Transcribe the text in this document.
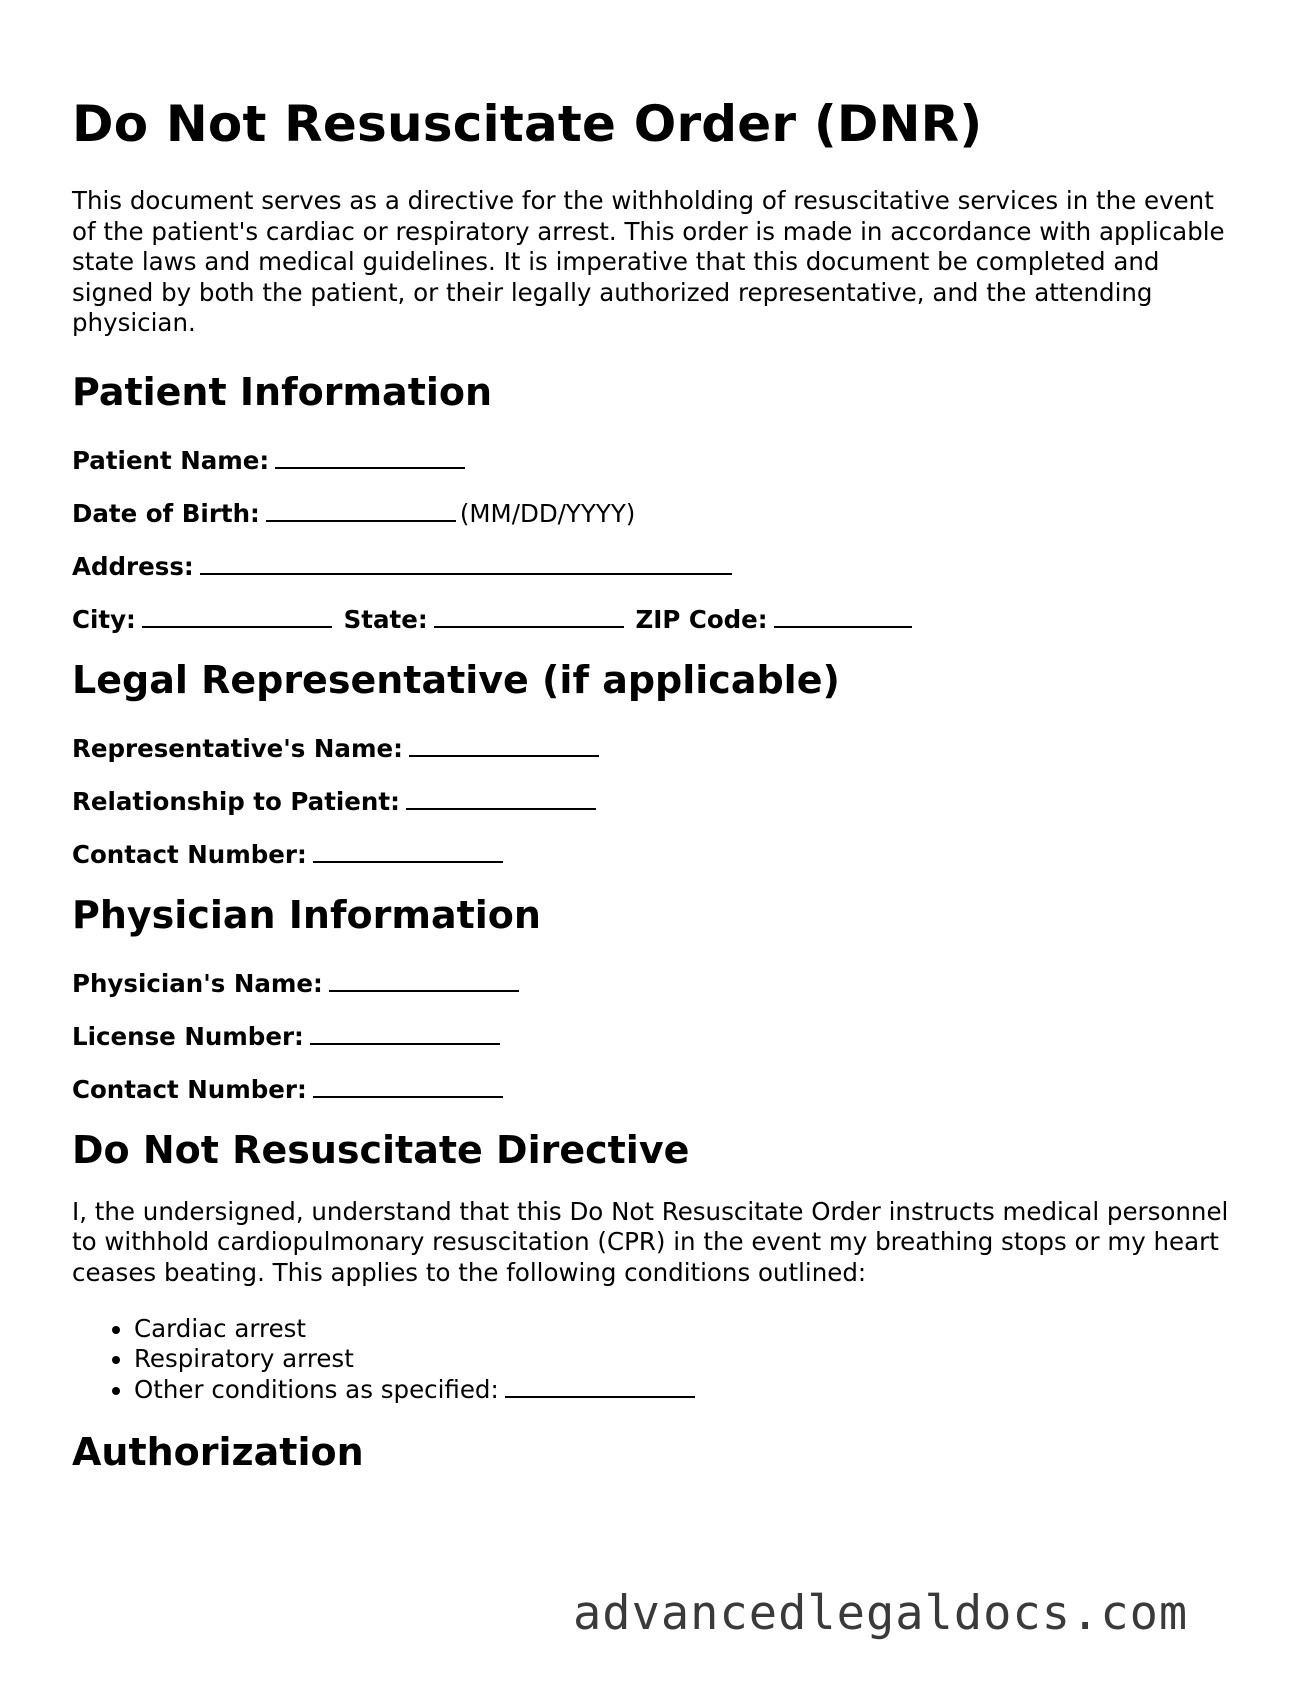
Do Not Resuscitate Order (DNR)

This document serves as a directive for the withholding of resuscitative services in the event of the patient's cardiac or respiratory arrest. This order is made in accordance with applicable state laws and medical guidelines. It is imperative that this document be completed and signed by both the patient, or their legally authorized representative, and the attending physician.

Patient Information
Patient Name:
Date of Birth:	(MM/DD/YYYY)
Address:
City:	State:	ZIP Code:
Legal Representative (if applicable)
Representative's Name:
Relationship to Patient:
Contact Number:
Physician Information
Physician's Name:
License Number:
Contact Number:
Do Not Resuscitate Directive

I, the undersigned, understand that this Do Not Resuscitate Order instructs medical personnel to withhold cardiopulmonary resuscitation (CPR) in the event my breathing stops or my heart ceases beating. This applies to the following conditions outlined:

• Cardiac arrest
• Respiratory arrest
• Other conditions as specified:
Authorization
advancedlegaldocs.com
